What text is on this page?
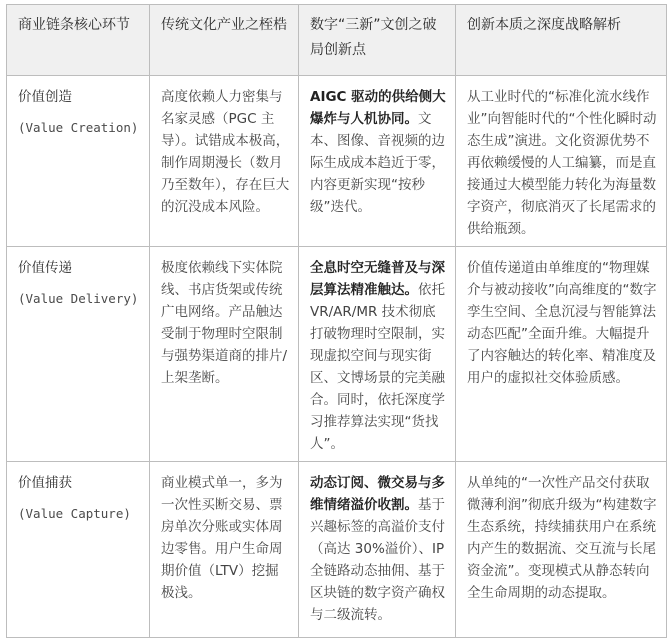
商业链条核心环节	传统文化产业之桎梏	数字“三新”文创之破局创新点	创新本质之深度战略解析

价值创造
(Value Creation)	高度依赖人力密集与名家灵感（PGC 主导）。试错成本极高，制作周期漫长（数月乃至数年），存在巨大的沉没成本风险。	AIGC 驱动的供给侧大爆炸与人机协同。文本、图像、音视频的边际生成成本趋近于零，内容更新实现“按秒级”迭代。	从工业时代的“标准化流水线作业”向智能时代的“个性化瞬时动态生成”演进。文化资源优势不再依赖缓慢的人工编纂，而是直接通过大模型能力转化为海量数字资产，彻底消灭了长尾需求的供给瓶颈。

价值传递
(Value Delivery)	极度依赖线下实体院线、书店货架或传统广电网络。产品触达受制于物理时空限制与强势渠道商的排片/上架垄断。	全息时空无缝普及与深层算法精准触达。依托 VR/AR/MR 技术彻底打破物理时空限制，实现虚拟空间与现实街区、文博场景的完美融合。同时，依托深度学习推荐算法实现“货找人”。	价值传递道由单维度的“物理媒介与被动接收”向高维度的“数字孪生空间、全息沉浸与智能算法动态匹配”全面升维。大幅提升了内容触达的转化率、精准度及用户的虚拟社交体验质感。

价值捕获
(Value Capture)	商业模式单一，多为一次性买断交易、票房单次分账或实体周边零售。用户生命周期价值（LTV）挖掘极浅。	动态订阅、微交易与多维情绪溢价收割。基于兴趣标签的高溢价支付（高达 30%溢价）、IP 全链路动态抽佣、基于区块链的数字资产确权与二级流转。	从单纯的“一次性产品交付获取微薄利润”彻底升级为“构建数字生态系统，持续捕获用户在系统内产生的数据流、交互流与长尾资金流”。变现模式从静态转向全生命周期的动态提取。
